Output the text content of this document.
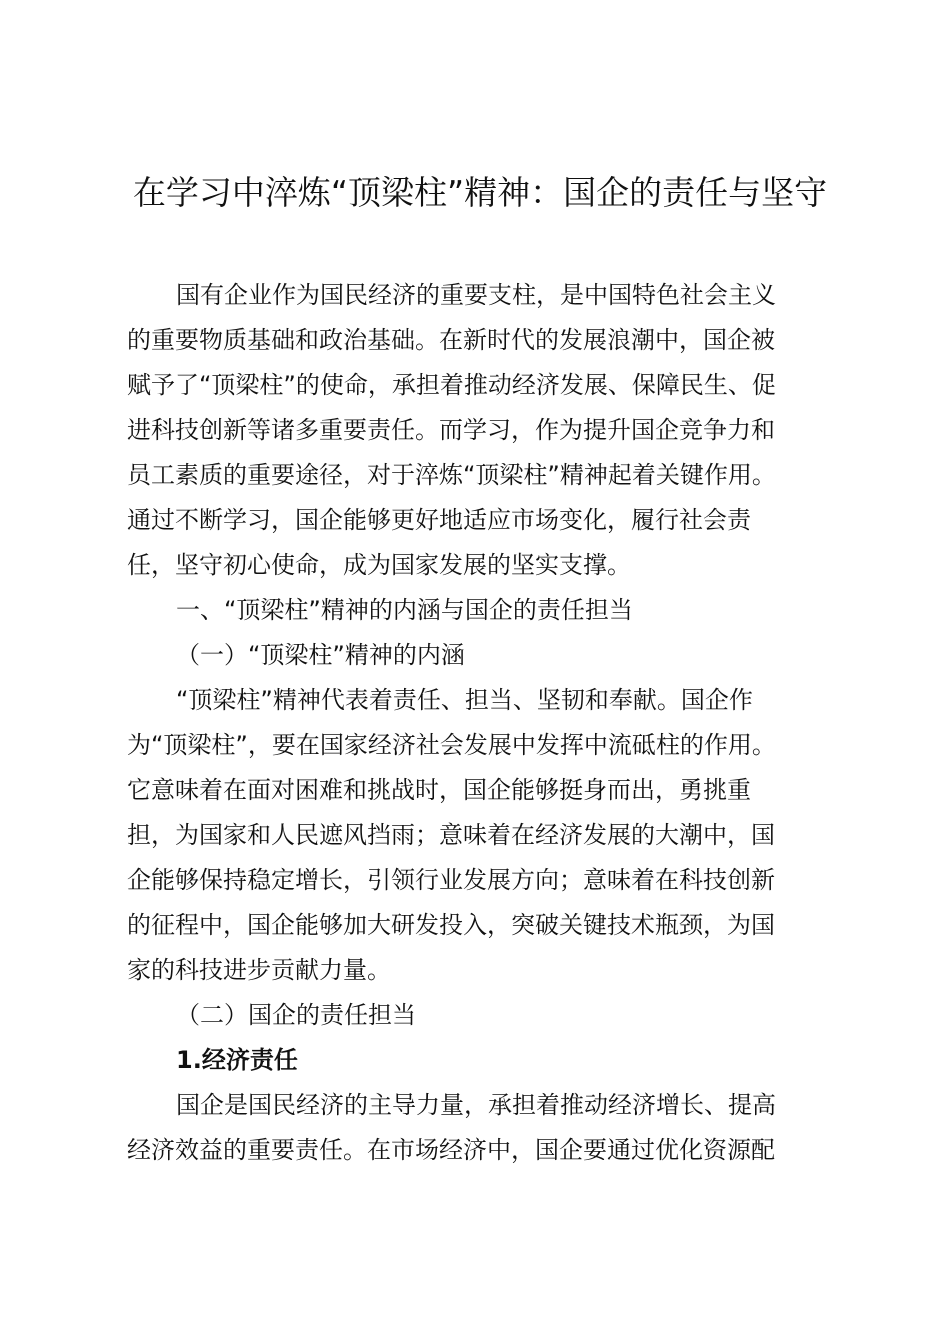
在学习中淬炼“顶梁柱”精神：国企的责任与坚守
国有企业作为国民经济的重要支柱，是中国特色社会主义
的重要物质基础和政治基础。在新时代的发展浪潮中，国企被
赋予了“顶梁柱”的使命，承担着推动经济发展、保障民生、促
进科技创新等诸多重要责任。而学习，作为提升国企竞争力和
员工素质的重要途径，对于淬炼“顶梁柱”精神起着关键作用。
通过不断学习，国企能够更好地适应市场变化，履行社会责
任，坚守初心使命，成为国家发展的坚实支撑。
一、“顶梁柱”精神的内涵与国企的责任担当
（一）“顶梁柱”精神的内涵
“顶梁柱”精神代表着责任、担当、坚韧和奉献。国企作
为“顶梁柱”，要在国家经济社会发展中发挥中流砥柱的作用。
它意味着在面对困难和挑战时，国企能够挺身而出，勇挑重
担，为国家和人民遮风挡雨；意味着在经济发展的大潮中，国
企能够保持稳定增长，引领行业发展方向；意味着在科技创新
的征程中，国企能够加大研发投入，突破关键技术瓶颈，为国
家的科技进步贡献力量。
（二）国企的责任担当
1.经济责任
国企是国民经济的主导力量，承担着推动经济增长、提高
经济效益的重要责任。在市场经济中，国企要通过优化资源配
